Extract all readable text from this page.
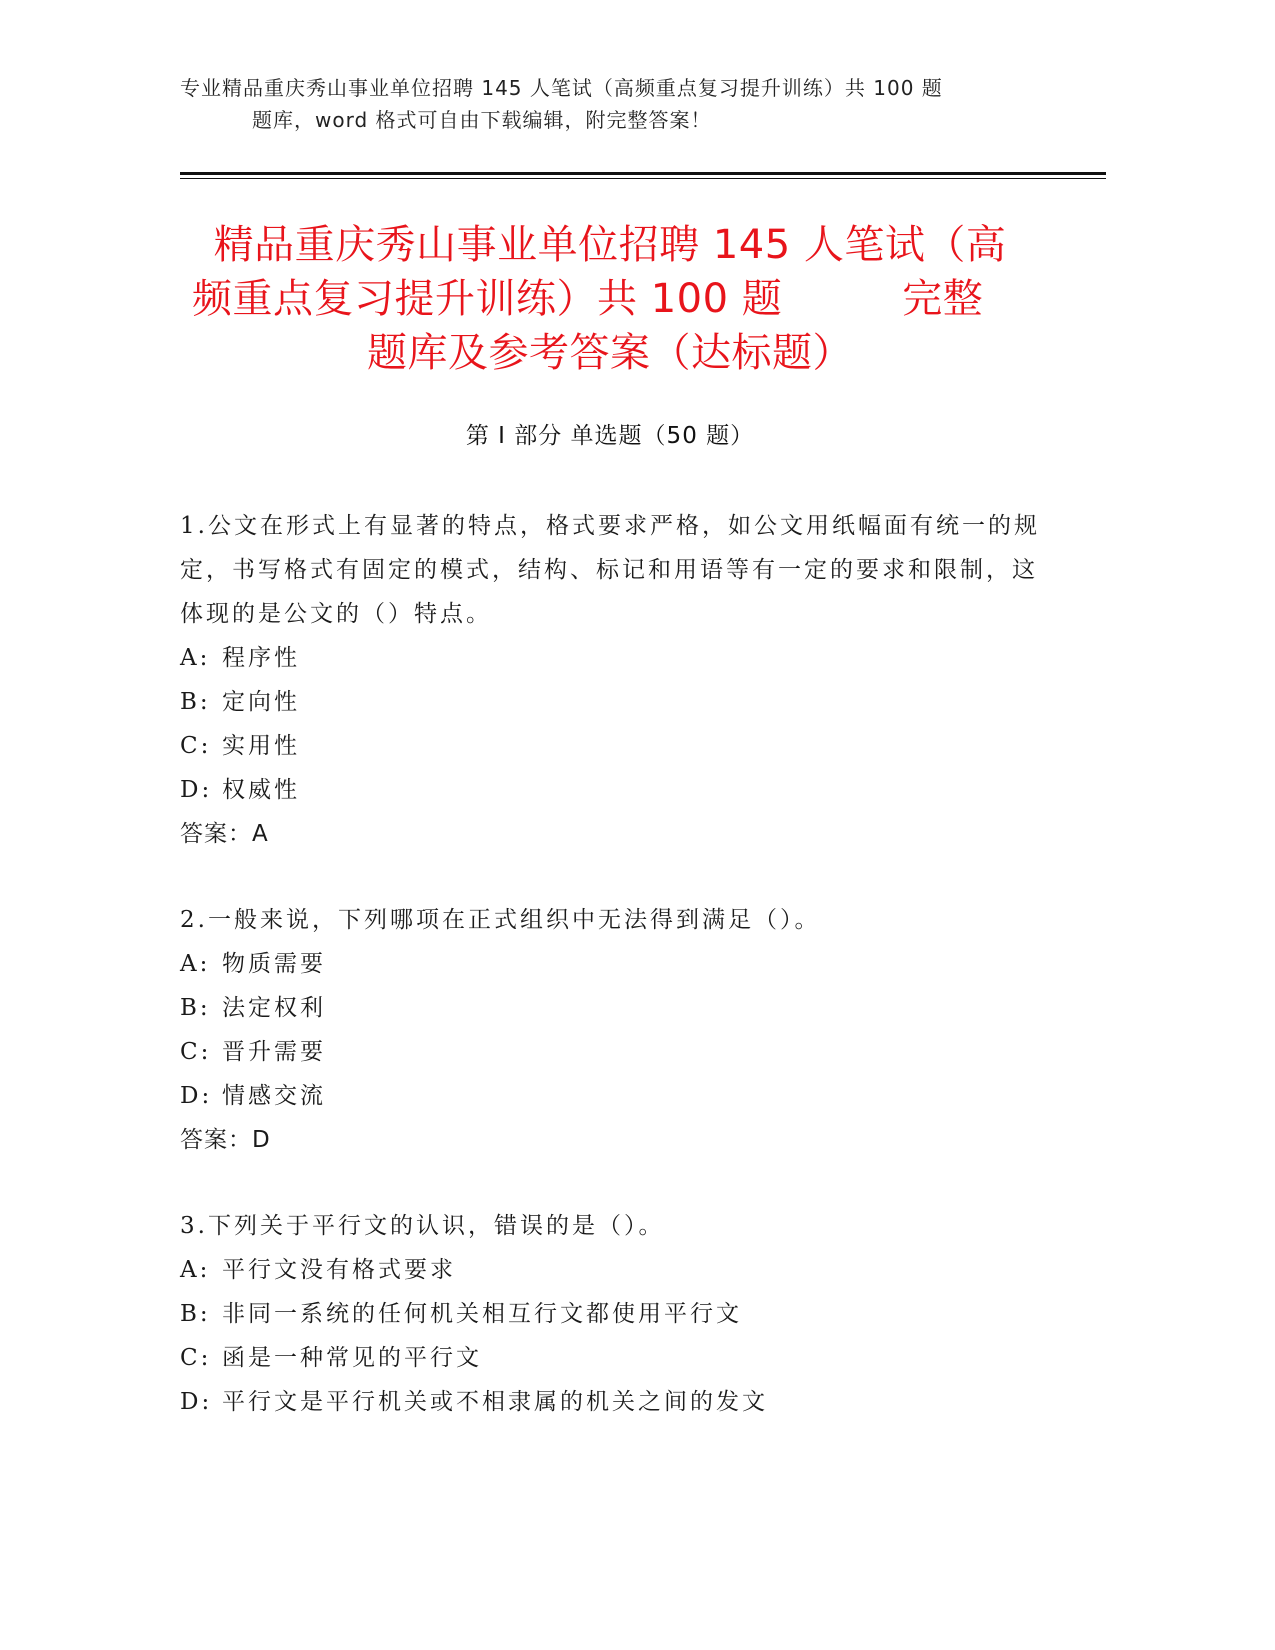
专业精品重庆秀山事业单位招聘 145 人笔试（高频重点复习提升训练）共 100 题
题库，word 格式可自由下载编辑，附完整答案！
精品重庆秀山事业单位招聘 145 人笔试（高
频重点复习提升训练）共 100 题	完整
题库及参考答案（达标题）
第 I 部分 单选题（50 题）

1.公文在形式上有显著的特点，格式要求严格，如公文用纸幅面有统一的规定，书写格式有固定的模式，结构、标记和用语等有一定的要求和限制，这体现的是公文的（）特点。

A: 程序性

B: 定向性

C: 实用性

D: 权威性

答案：A

2.一般来说，下列哪项在正式组织中无法得到满足（）。

A: 物质需要

B: 法定权利

C: 晋升需要

D: 情感交流

答案：D

3.下列关于平行文的认识，错误的是（）。

A: 平行文没有格式要求

B: 非同一系统的任何机关相互行文都使用平行文

C: 函是一种常见的平行文

D: 平行文是平行机关或不相隶属的机关之间的发文
